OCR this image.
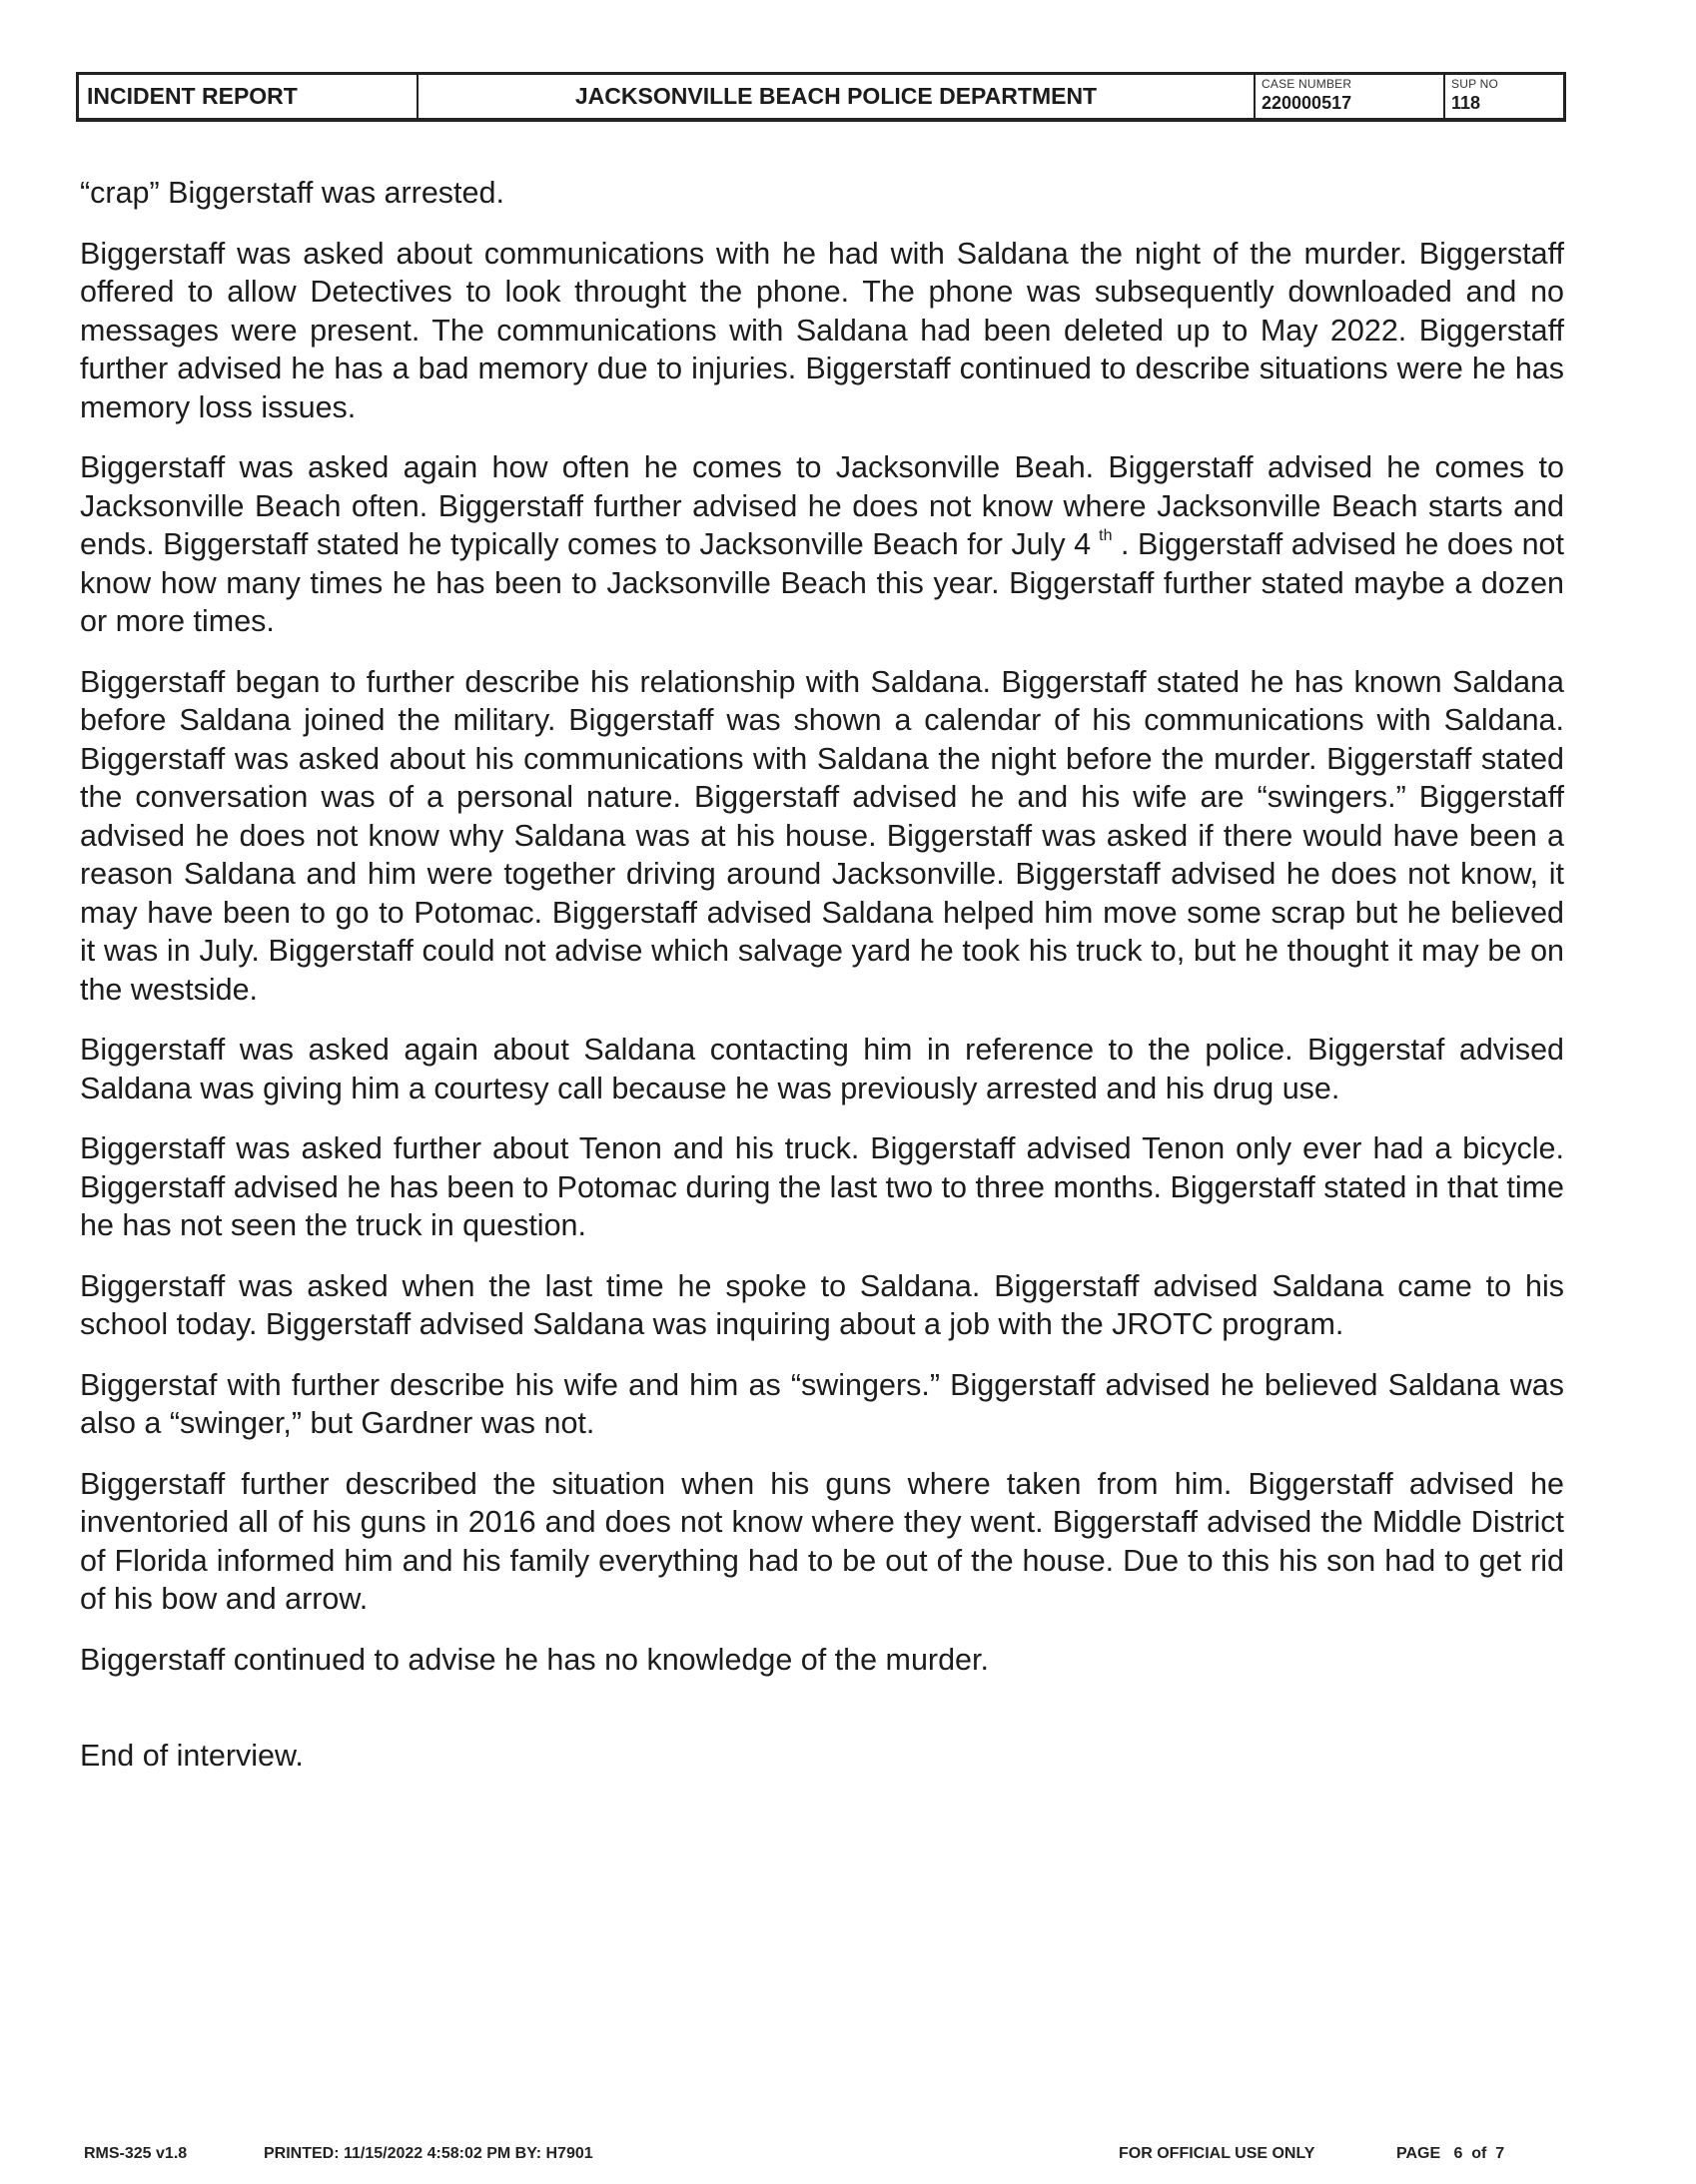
INCIDENT REPORT	JACKSONVILLE BEACH POLICE DEPARTMENT	CASE NUMBER
220000517
SUP NO
118

“crap” Biggerstaff was arrested.

Biggerstaff was asked about communications with he had with Saldana the night of the murder. Biggerstaff offered to allow Detectives to look throught the phone. The phone was subsequently downloaded and no messages were present. The communications with Saldana had been deleted up to May 2022. Biggerstaff further advised he has a bad memory due to injuries. Biggerstaff continued to describe situations were he has memory loss issues.

Biggerstaff was asked again how often he comes to Jacksonville Beah. Biggerstaff advised he comes to Jacksonville Beach often. Biggerstaff further advised he does not know where Jacksonville Beach starts and ends. Biggerstaff stated he typically comes to Jacksonville Beach for July 4 $^{th}$ . Biggerstaff advised he does not know how many times he has been to Jacksonville Beach this year. Biggerstaff further stated maybe a dozen or more times.

Biggerstaff began to further describe his relationship with Saldana. Biggerstaff stated he has known Saldana before Saldana joined the military. Biggerstaff was shown a calendar of his communications with Saldana. Biggerstaff was asked about his communications with Saldana the night before the murder. Biggerstaff stated the conversation was of a personal nature. Biggerstaff advised he and his wife are “swingers.” Biggerstaff advised he does not know why Saldana was at his house. Biggerstaff was asked if there would have been a reason Saldana and him were together driving around Jacksonville. Biggerstaff advised he does not know, it may have been to go to Potomac. Biggerstaff advised Saldana helped him move some scrap but he believed it was in July. Biggerstaff could not advise which salvage yard he took his truck to, but he thought it may be on the westside.

Biggerstaff was asked again about Saldana contacting him in reference to the police. Biggerstaf advised Saldana was giving him a courtesy call because he was previously arrested and his drug use.

Biggerstaff was asked further about Tenon and his truck. Biggerstaff advised Tenon only ever had a bicycle. Biggerstaff advised he has been to Potomac during the last two to three months. Biggerstaff stated in that time he has not seen the truck in question.

Biggerstaff was asked when the last time he spoke to Saldana. Biggerstaff advised Saldana came to his school today. Biggerstaff advised Saldana was inquiring about a job with the JROTC program.

Biggerstaf with further describe his wife and him as “swingers.” Biggerstaff advised he believed Saldana was also a “swinger,” but Gardner was not.

Biggerstaff further described the situation when his guns where taken from him. Biggerstaff advised he inventoried all of his guns in 2016 and does not know where they went. Biggerstaff advised the Middle District of Florida informed him and his family everything had to be out of the house. Due to this his son had to get rid of his bow and arrow.

Biggerstaff continued to advise he has no knowledge of the murder.

End of interview.

RMS-325 v1.8	PRINTED: 11/15/2022 4:58:02 PM BY: H7901	FOR OFFICIAL USE ONLY	PAGE   6  of  7
